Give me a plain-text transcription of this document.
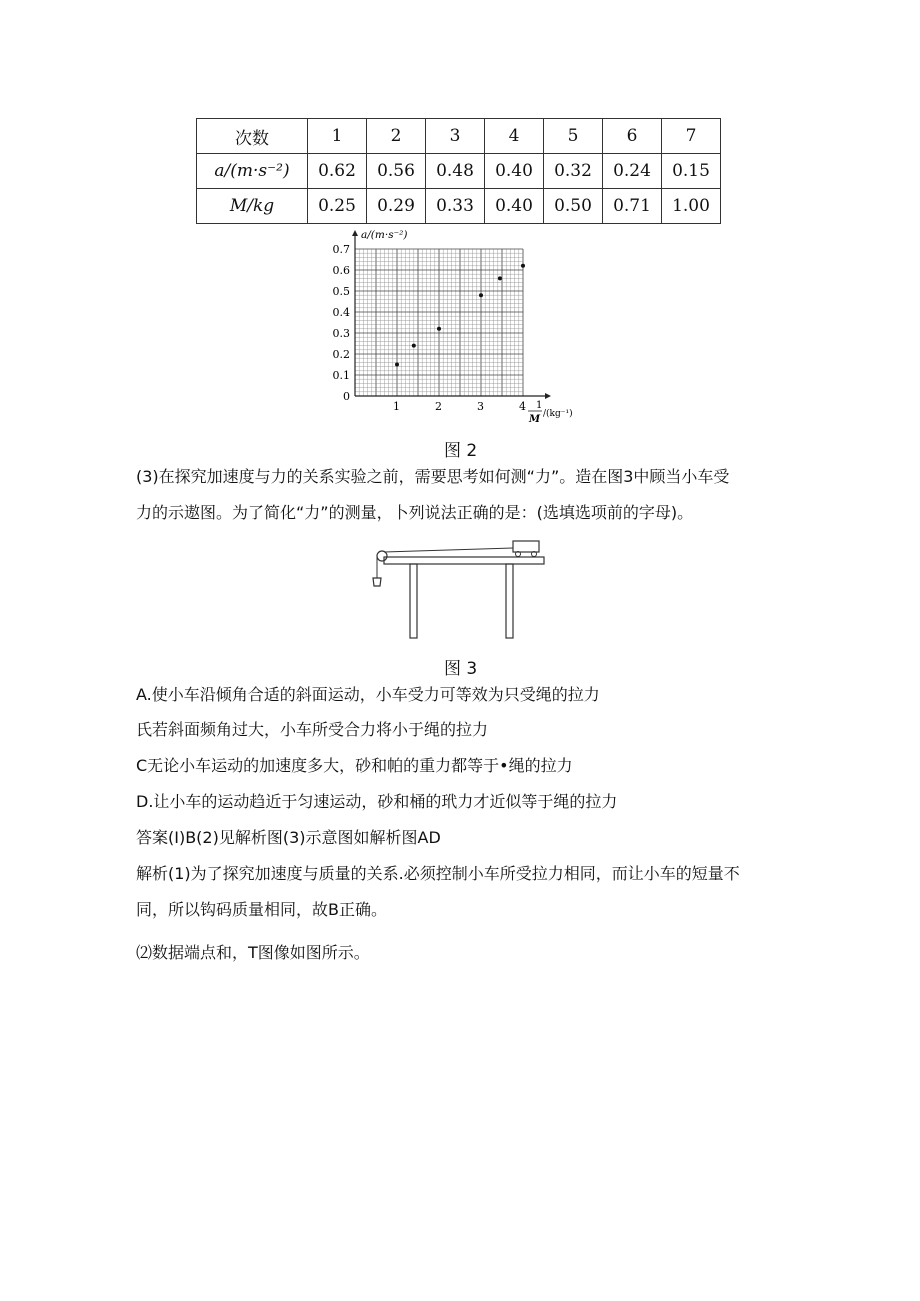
次数	1	2	3	4	5	6	7
a/(m·s⁻²)	0.62	0.56	0.48	0.40	0.32	0.24	0.15
M/kg	0.25	0.29	0.33	0.40	0.50	0.71	1.00
0
0.1
0.2
0.3
0.4
0.5
0.6
0.7
1	2	3	4
a/(m·s⁻²)
1
M /(kg⁻¹)
图 2
(3)在探究加速度与力的关系实验之前，需要思考如何测“力”。造在图3中顾当小车受
力的示遨图。为了简化“力”的测量，卜列说法正确的是：(选填选项前的字母)。
图 3
A.使小车沿倾角合适的斜面运动，小车受力可等效为只受绳的拉力
氏若斜面频角过大，小车所受合力将小于绳的拉力
C无论小车运动的加速度多大，砂和帕的重力都等于•绳的拉力
D.让小车的运动趋近于匀速运动，砂和桶的玳力才近似等于绳的拉力
答案(I)B(2)见解析图(3)示意图如解析图AD
解析(1)为了探究加速度与质量的关系.必须控制小车所受拉力相同，而让小车的短量不
同，所以钩码质量相同，故B正确。
⑵数据端点和，T图像如图所示。
